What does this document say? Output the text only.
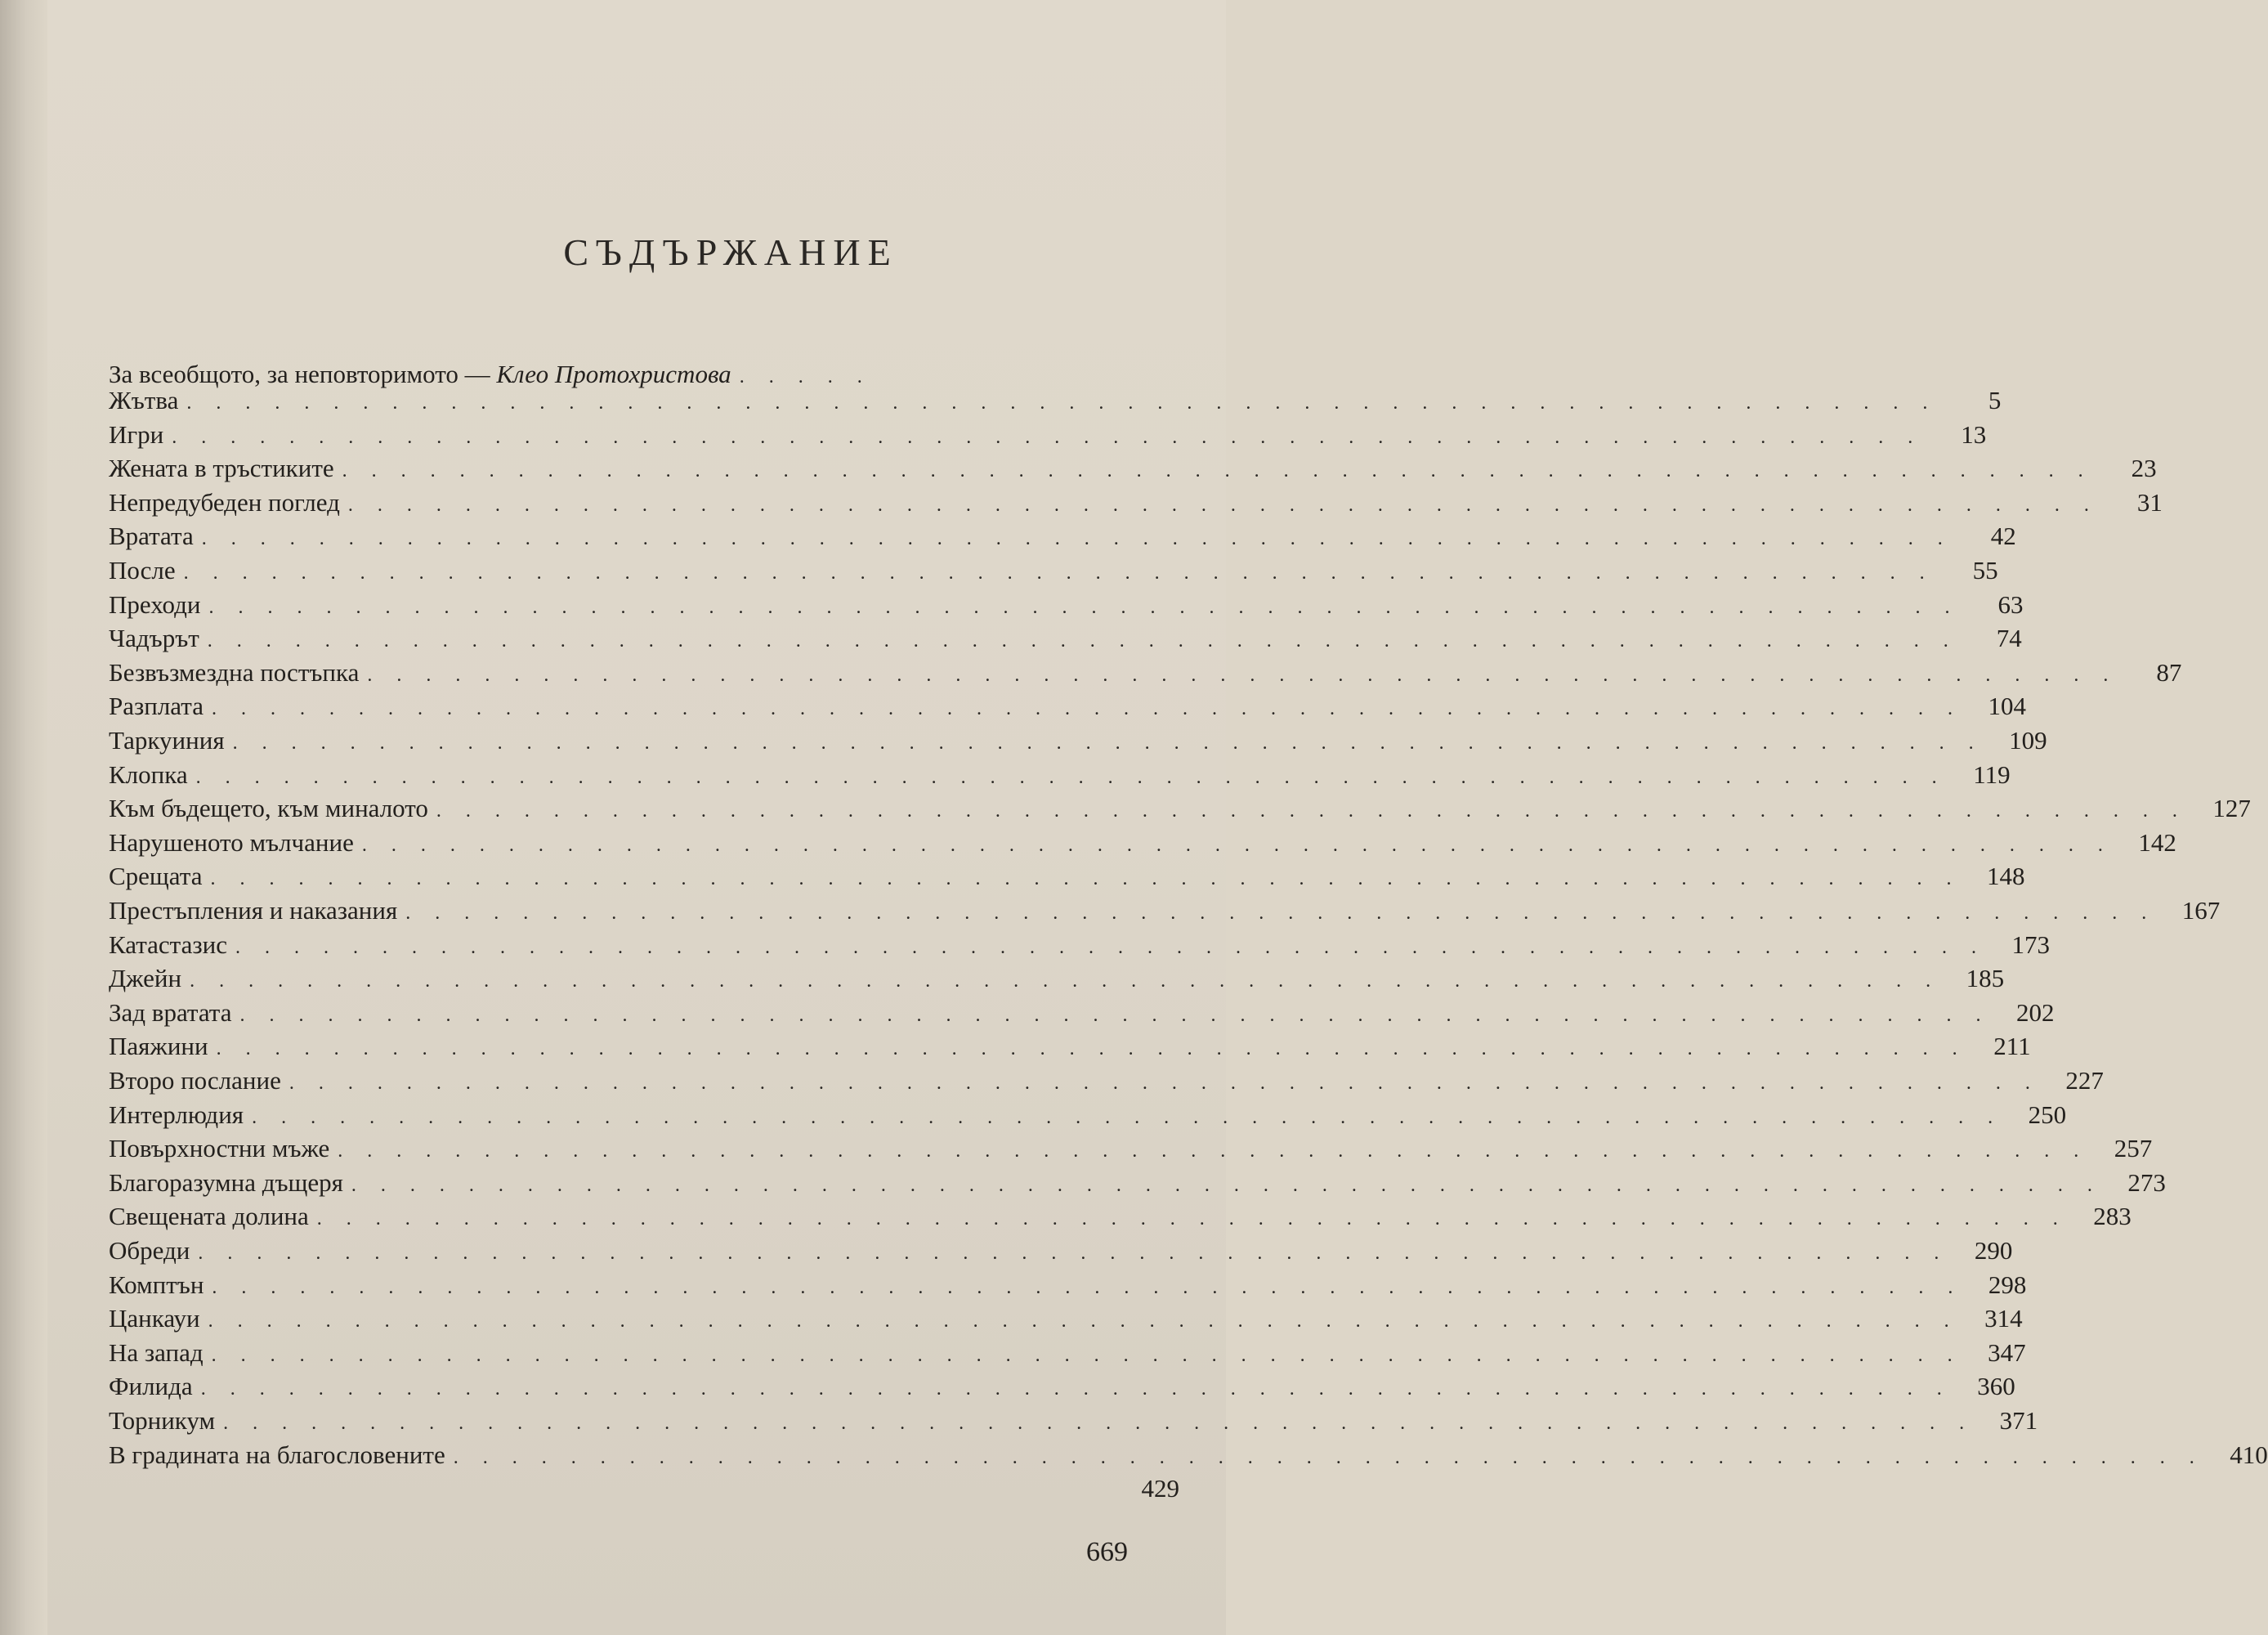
СЪДЪРЖАНИЕ
За всеобщото, за неповторимото — Клео Протохристова .....
Жътва ............................................................	5
Игри ............................................................ 13
Жената в тръстиките ............................................................ 23
Непредубеден поглед ............................................................ 31
Вратата ............................................................ 42
После ............................................................ 55
Преходи ............................................................ 63
Чадърът ............................................................ 74
Безвъзмездна постъпка ............................................................ 87
Разплата ............................................................ 104
Таркуиния ............................................................ 109
Клопка ............................................................ 119
Към бъдещето, към миналото ............................................................ 127
Нарушеното мълчание ............................................................ 142
Срещата ............................................................ 148
Престъпления и наказания ............................................................ 167
Катастазис ............................................................ 173
Джейн ............................................................ 185
Зад вратата ............................................................ 202
Паяжини ............................................................ 211
Второ послание ............................................................ 227
Интерлюдия ............................................................ 250
Повърхностни мъже ............................................................ 257
Благоразумна дъщеря ............................................................ 273
Свещената долина ............................................................ 283
Обреди ............................................................ 290
Комптън ............................................................ 298
Цанкауи ............................................................ 314
На запад ............................................................ 347
Филида ............................................................ 360
Торникум ............................................................ 371
В градината на благословените ............................................................ 410
429
669
